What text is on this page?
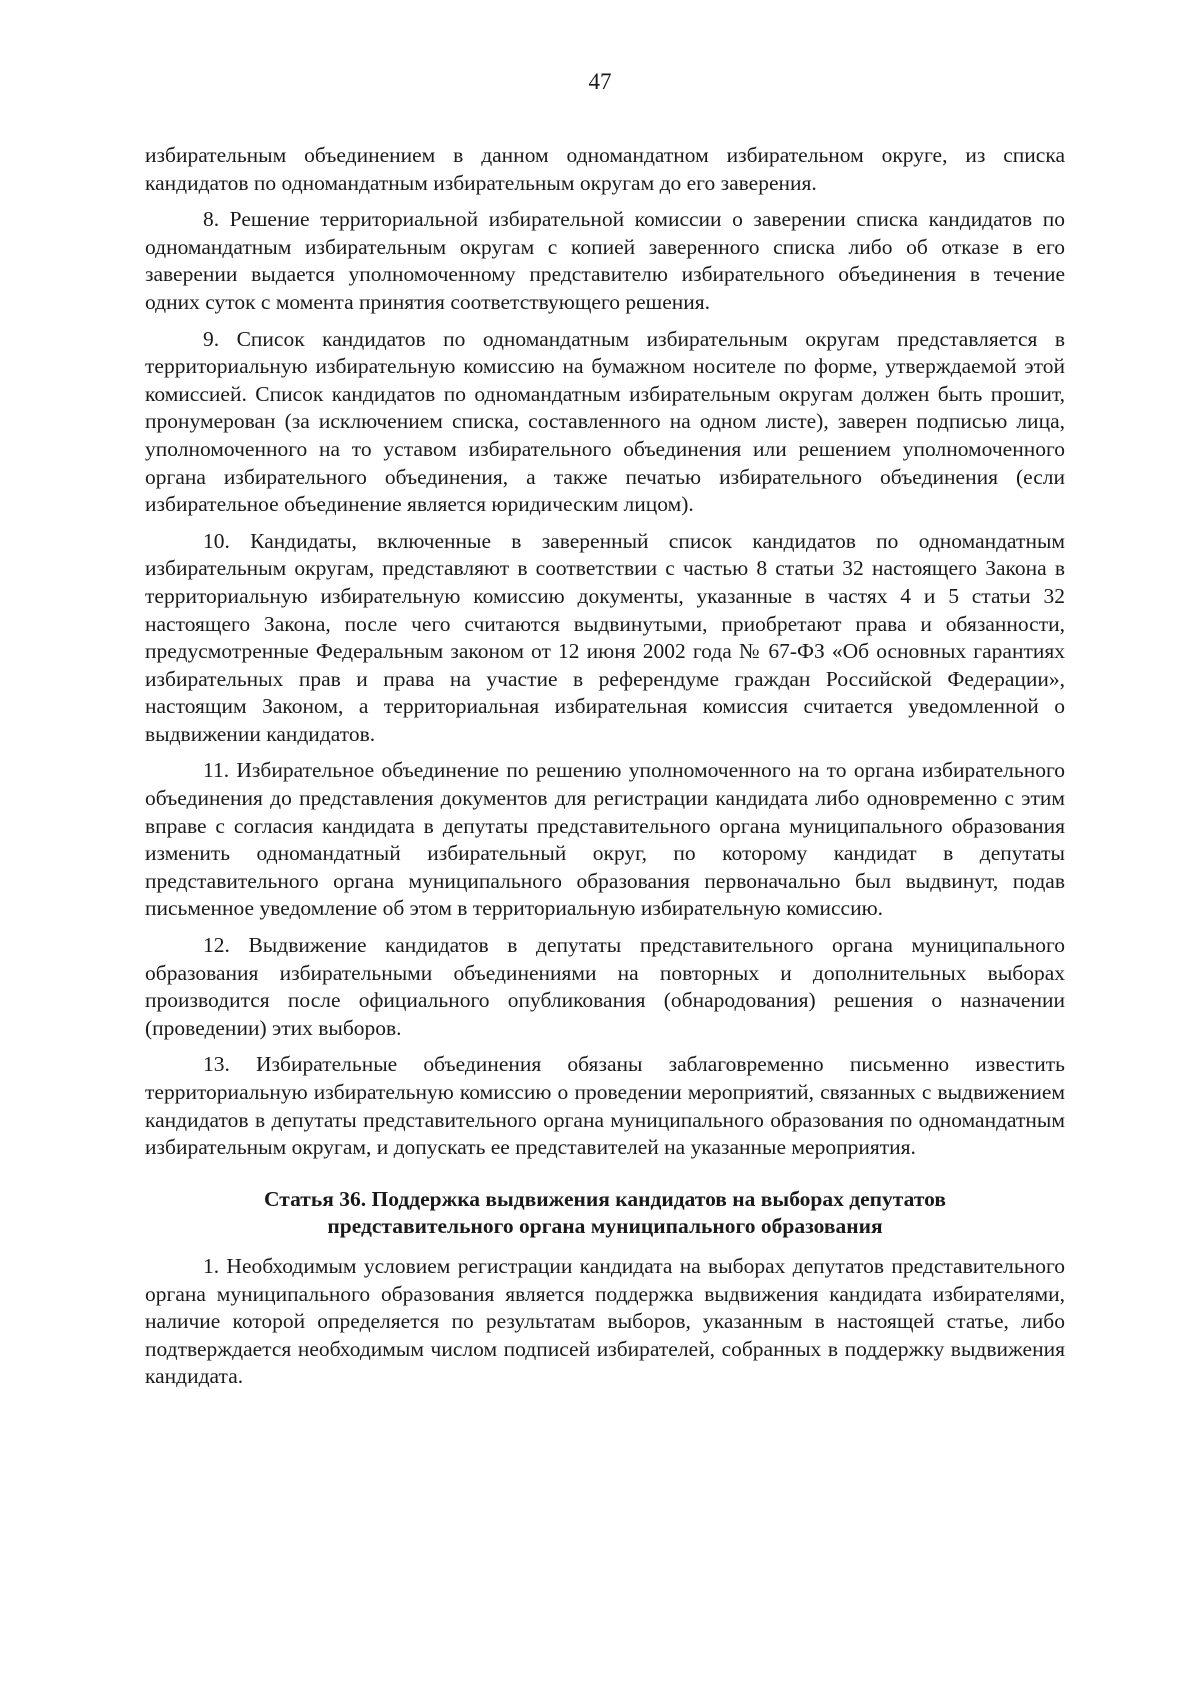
47

избирательным объединением в данном одномандатном избирательном округе, из списка кандидатов по одномандатным избирательным округам до его заверения.

8. Решение территориальной избирательной комиссии о заверении списка кандидатов по одномандатным избирательным округам с копией заверенного списка либо об отказе в его заверении выдается уполномоченному представителю избирательного объединения в течение одних суток с момента принятия соответствующего решения.

9. Список кандидатов по одномандатным избирательным округам представляется в территориальную избирательную комиссию на бумажном носителе по форме, утверждаемой этой комиссией. Список кандидатов по одномандатным избирательным округам должен быть прошит, пронумерован (за исключением списка, составленного на одном листе), заверен подписью лица, уполномоченного на то уставом избирательного объединения или решением уполномоченного органа избирательного объединения, а также печатью избирательного объединения (если избирательное объединение является юридическим лицом).

10. Кандидаты, включенные в заверенный список кандидатов по одномандатным избирательным округам, представляют в соответствии с частью 8 статьи 32 настоящего Закона в территориальную избирательную комиссию документы, указанные в частях 4 и 5 статьи 32 настоящего Закона, после чего считаются выдвинутыми, приобретают права и обязанности, предусмотренные Федеральным законом от 12 июня 2002 года № 67-ФЗ «Об основных гарантиях избирательных прав и права на участие в референдуме граждан Российской Федерации», настоящим Законом, а территориальная избирательная комиссия считается уведомленной о выдвижении кандидатов.

11. Избирательное объединение по решению уполномоченного на то органа избирательного объединения до представления документов для регистрации кандидата либо одновременно с этим вправе с согласия кандидата в депутаты представительного органа муниципального образования изменить одномандатный избирательный округ, по которому кандидат в депутаты представительного органа муниципального образования первоначально был выдвинут, подав письменное уведомление об этом в территориальную избирательную комиссию.

12. Выдвижение кандидатов в депутаты представительного органа муниципального образования избирательными объединениями на повторных и дополнительных выборах производится после официального опубликования (обнародования) решения о назначении (проведении) этих выборов.

13. Избирательные объединения обязаны заблаговременно письменно известить территориальную избирательную комиссию о проведении мероприятий, связанных с выдвижением кандидатов в депутаты представительного органа муниципального образования по одномандатным избирательным округам, и допускать ее представителей на указанные мероприятия.

Статья 36. Поддержка выдвижения кандидатов на выборах депутатов
представительного органа муниципального образования

1. Необходимым условием регистрации кандидата на выборах депутатов представительного органа муниципального образования является поддержка выдвижения кандидата избирателями, наличие которой определяется по результатам выборов, указанным в настоящей статье, либо подтверждается необходимым числом подписей избирателей, собранных в поддержку выдвижения кандидата.
